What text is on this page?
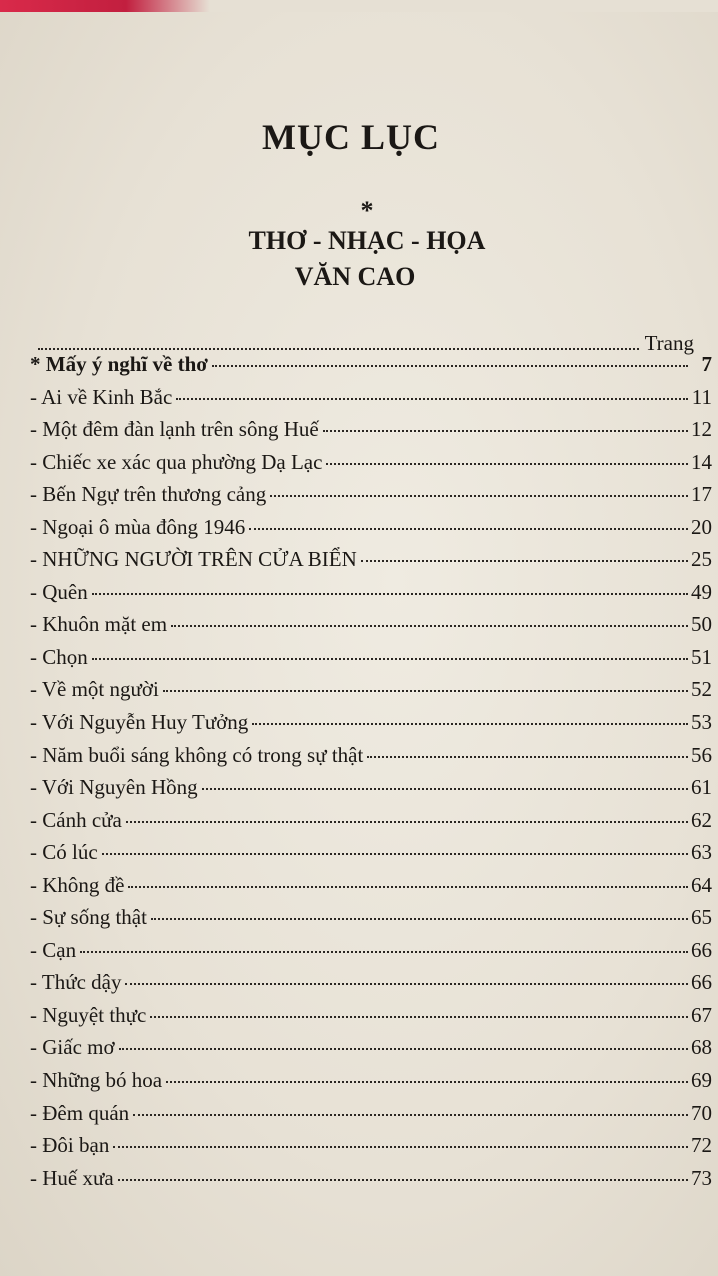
MỤC LỤC
*
THƠ - NHẠC - HỌA
VĂN CAO
Trang
* Mấy ý nghĩ về thơ	7
- Ai về Kinh Bắc	11
- Một đêm đàn lạnh trên sông Huế	12
- Chiếc xe xác qua phường Dạ Lạc	14
- Bến Ngự trên thương cảng	17
- Ngoại ô mùa đông 1946	20
- NHỮNG NGƯỜI TRÊN CỬA BIỂN	25
- Quên	49
- Khuôn mặt em	50
- Chọn	51
- Về một người	52
- Với Nguyễn Huy Tưởng	53
- Năm buổi sáng không có trong sự thật	56
- Với Nguyên Hồng	61
- Cánh cửa	62
- Có lúc	63
- Không đề	64
- Sự sống thật	65
- Cạn	66
- Thức dậy	66
- Nguyệt thực	67
- Giấc mơ	68
- Những bó hoa	69
- Đêm quán	70
- Đôi bạn	72
- Huế xưa	73
